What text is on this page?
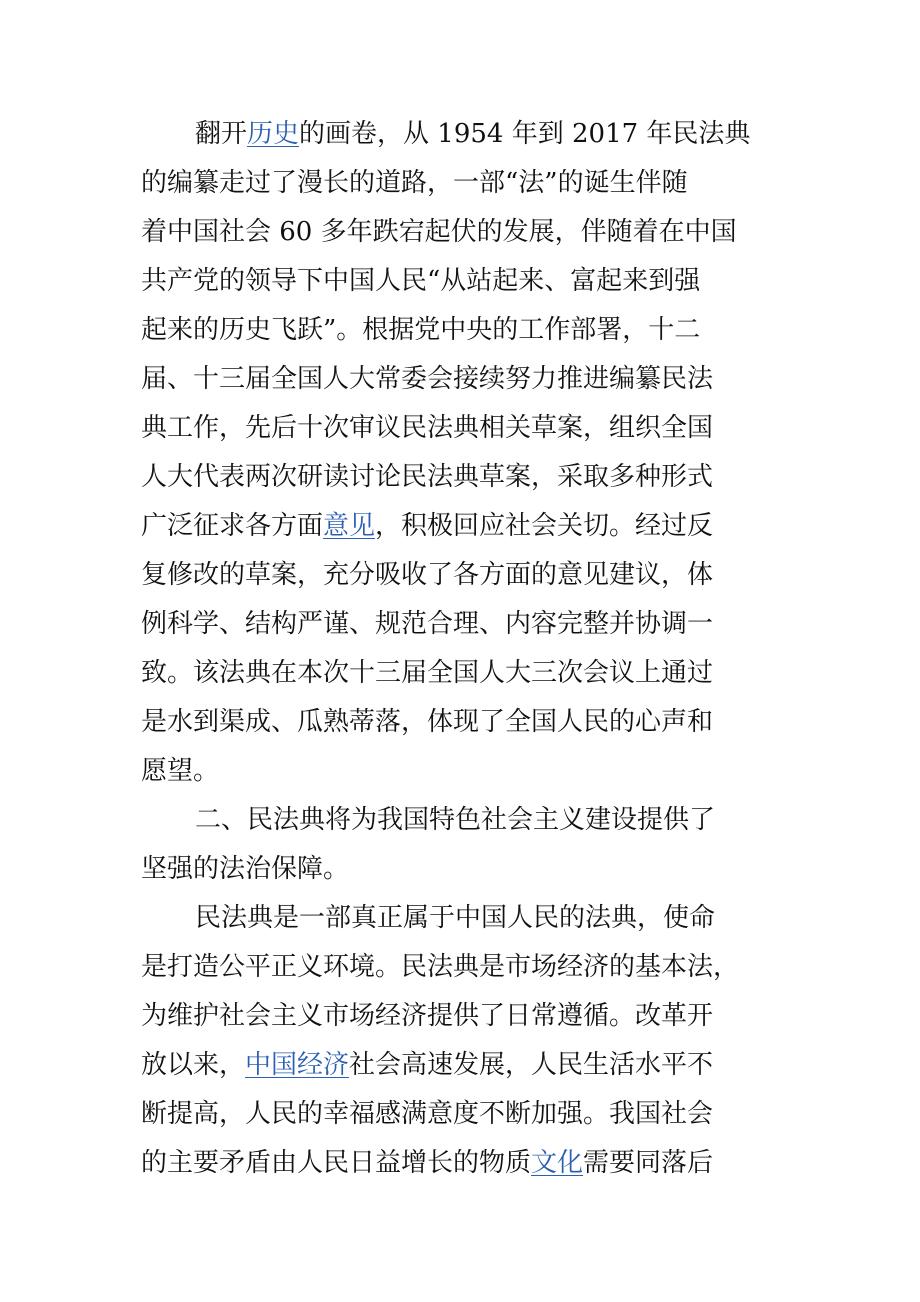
翻开历史的画卷，从 1954 年到 2017 年民法典
的编纂走过了漫长的道路，一部“法”的诞生伴随
着中国社会 60 多年跌宕起伏的发展，伴随着在中国
共产党的领导下中国人民“从站起来、富起来到强
起来的历史飞跃”。根据党中央的工作部署，十二
届、十三届全国人大常委会接续努力推进编纂民法
典工作，先后十次审议民法典相关草案，组织全国
人大代表两次研读讨论民法典草案，采取多种形式
广泛征求各方面意见，积极回应社会关切。经过反
复修改的草案，充分吸收了各方面的意见建议，体
例科学、结构严谨、规范合理、内容完整并协调一
致。该法典在本次十三届全国人大三次会议上通过
是水到渠成、瓜熟蒂落，体现了全国人民的心声和
愿望。
二、民法典将为我国特色社会主义建设提供了
坚强的法治保障。
民法典是一部真正属于中国人民的法典，使命
是打造公平正义环境。民法典是市场经济的基本法，
为维护社会主义市场经济提供了日常遵循。改革开
放以来，中国经济社会高速发展，人民生活水平不
断提高，人民的幸福感满意度不断加强。我国社会
的主要矛盾由人民日益增长的物质文化需要同落后
